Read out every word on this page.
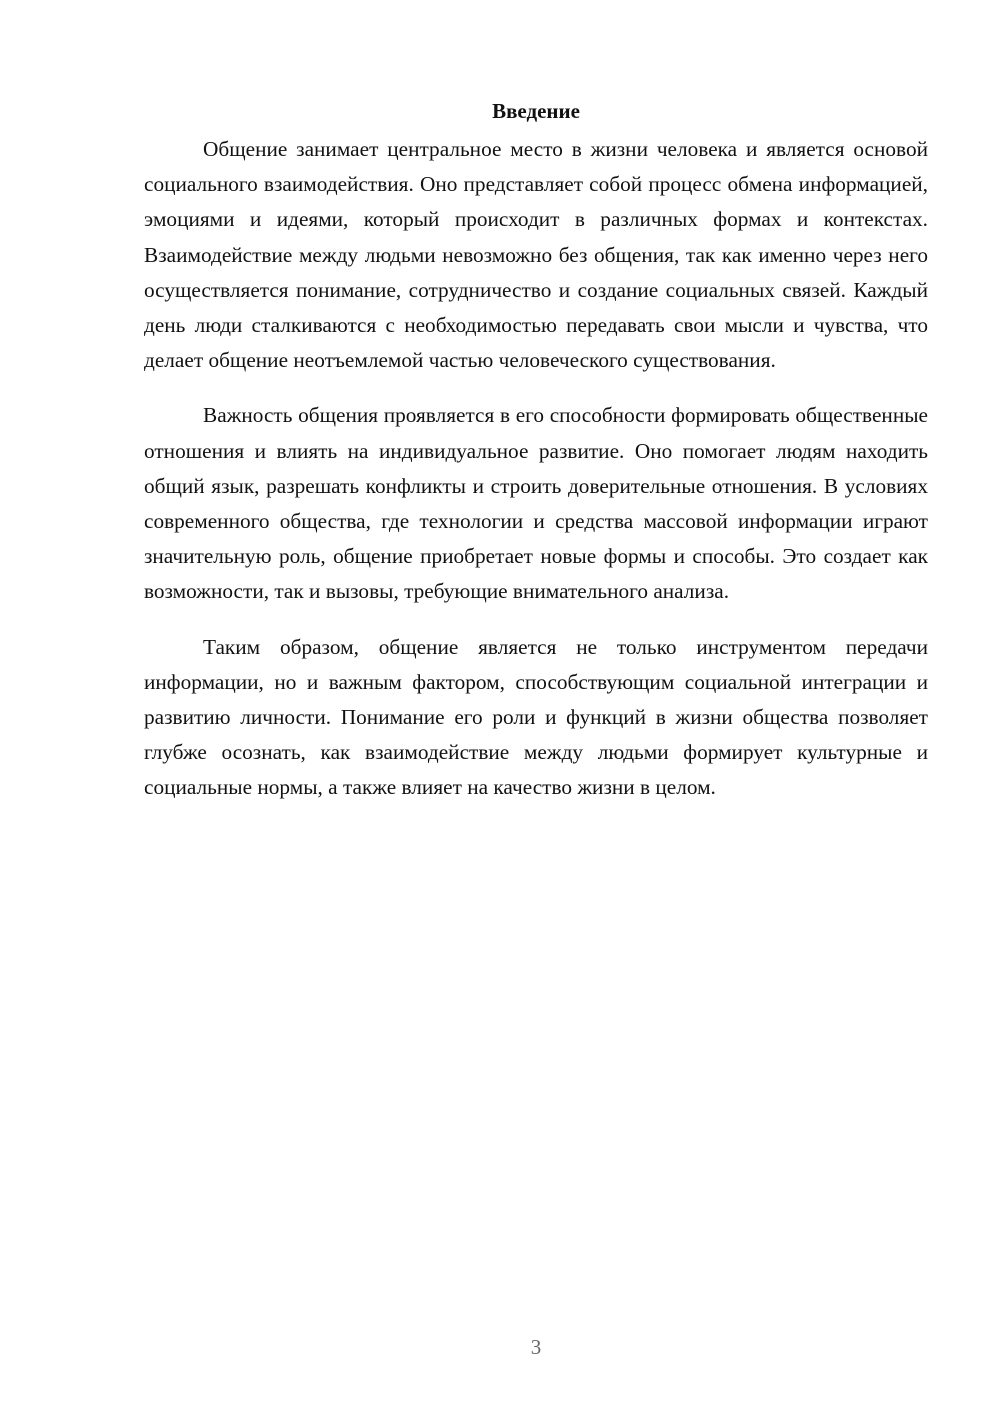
Введение

Общение занимает центральное место в жизни человека и является основой социального взаимодействия. Оно представляет собой процесс обмена информацией, эмоциями и идеями, который происходит в различных формах и контекстах. Взаимодействие между людьми невозможно без общения, так как именно через него осуществляется понимание, сотрудничество и создание социальных связей. Каждый день люди сталкиваются с необходимостью передавать свои мысли и чувства, что делает общение неотъемлемой частью человеческого существования.

Важность общения проявляется в его способности формировать общественные отношения и влиять на индивидуальное развитие. Оно помогает людям находить общий язык, разрешать конфликты и строить доверительные отношения. В условиях современного общества, где технологии и средства массовой информации играют значительную роль, общение приобретает новые формы и способы. Это создает как возможности, так и вызовы, требующие внимательного анализа.

Таким образом, общение является не только инструментом передачи информации, но и важным фактором, способствующим социальной интеграции и развитию личности. Понимание его роли и функций в жизни общества позволяет глубже осознать, как взаимодействие между людьми формирует культурные и социальные нормы, а также влияет на качество жизни в целом.

3
